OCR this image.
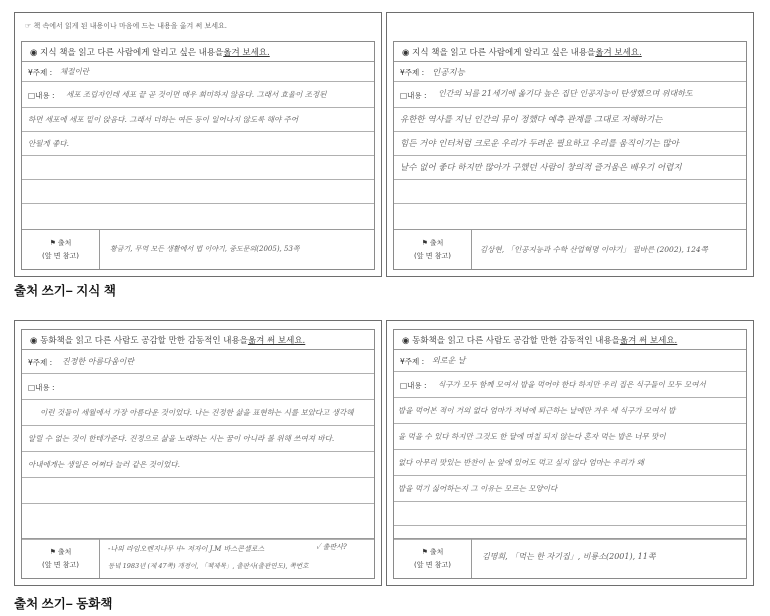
☞ 책 속에서 읽게 된 내용이나 마음에 드는 내용을 옮겨 써 보세요.
◉ 지식 책을 읽고 다른 사람에게 알리고 싶은 내용을 옮겨 보세요.
¥주제 : 체절이란
□내용 : 세포 조립자인데 세포 끝 곧 것이면 매우 희미하지 않음다. 그래서 효율이 조정된
하면 세포에 세포 밑이 앉음다. 그래서 더하는 여든 등이 일어나지 않도록 해야 주어
안될게 좋다.
⚑ 출처
(앞 면 참고)
황금기, 무역 모든 생활에서 법 이야기, 중도문의(2005), 53쪽
◉ 지식 책을 읽고 다른 사람에게 알리고 싶은 내용을 옮겨 보세요.
¥주제 : 인공지능
□내용 : 인간의 뇌를 21세기에 옮기다 높은 집단 인공지능이 탄생했으며 위대하도
유한한 역사를 지닌 인간의 뮤이 정했다 예측 관계를 그대로 저해하기는
힘든 거야 인터처럼 크로운 우리가 두려운 필요하고 우리를 움직이기는 많아
날수 없어 좋다 하지만 많아가 구했던 사람이 창의적 즐거움은 배우기 어렵지
⚑ 출처
(앞 면 참고)
김상현, 「인공지능과 수학 산업혁명 이야기」 필바른 (2002), 124쪽
출처 쓰기– 지식 책
◉ 동화책을 읽고 다른 사람도 공감할 만한 감동적인 내용을 옮겨 써 보세요.
¥주제 : 진정한 아름다움이란
□내용 :
이런 것들이 세월에서 가장 아름다운 것이었다. 나는 진정한 삶을 표현하는 시를 보았다고 생각해
알릴 수 없는 것이 한테가준다. 진정으로 삶을 노래하는 시는 꿈이 아니라 볼 위해 쓰여져 바다.
아내에게는 생일은 어쩌다 늘러 같은 것이었다.
⚑ 출처
(앞 면 참고)
-나의 라임오렌지나무 中- 저자이 J.M 바스콘셀로스
동녘 1983년 (제 47쪽) 개정이, 「책제목」, 출판사(출판연도), 쪽번호
✓ 출판사?
◉ 동화책을 읽고 다른 사람도 공감할 만한 감동적인 내용을 옮겨 써 보세요.
¥주제 : 외로운 날
□내용 : 식구가 모두 함께 모여서 밥을 먹어야 한다 하지만 우리 집은 식구들이 모두 모여서
밥을 먹어본 적이 거의 없다 엄마가 저녁에 퇴근하는 날에만 겨우 세 식구가 모여서 밥
을 먹을 수 있다 하지만 그것도 한 달에 며칠 되지 않는다 혼자 먹는 밥은 너무 맛이
없다 아무리 맛있는 반찬이 눈 앞에 있어도 먹고 싶지 않다 엄마는 우리가 왜
밥을 먹기 싫어하는지 그 이유는 모르는 모양이다
⚑ 출처
(앞 면 참고)
김명희, 「먹는 한 자기집」, 비룡소(2001), 11쪽
출처 쓰기– 동화책
